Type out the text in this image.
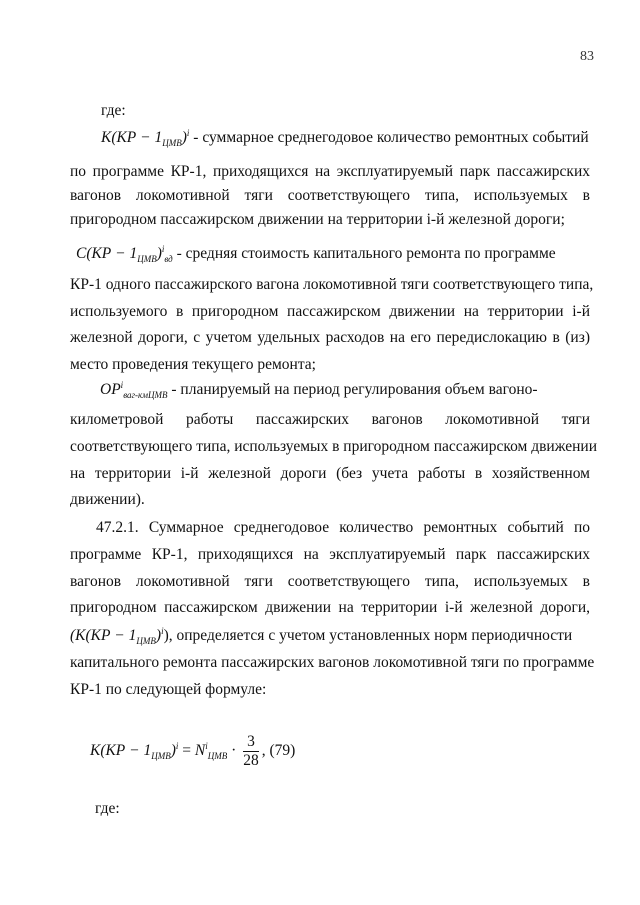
83
где:
$K(КР - 1_{ЦМВ})^i$ - суммарное среднегодовое количество ремонтных событий
по программе КР-1, приходящихся на эксплуатируемый парк пассажирских
вагонов локомотивной тяги соответствующего типа, используемых в
пригородном пассажирском движении на территории i-й железной дороги;
$C(КР - 1_{ЦМВ})^i_{вд}$ - средняя стоимость капитального ремонта по программе
КР-1 одного пассажирского вагона локомотивной тяги соответствующего типа,
используемого в пригородном пассажирском движении на территории i-й
железной дороги, с учетом удельных расходов на его передислокацию в (из)
место проведения текущего ремонта;
$ОР^i_{ваг-кмЦМВ}$ - планируемый на период регулирования объем вагоно-
километровой работы пассажирских вагонов локомотивной тяги
соответствующего типа, используемых в пригородном пассажирском движении
на территории i-й железной дороги (без учета работы в хозяйственном
движении).
47.2.1. Суммарное среднегодовое количество ремонтных событий по
программе КР-1, приходящихся на эксплуатируемый парк пассажирских
вагонов локомотивной тяги соответствующего типа, используемых в
пригородном пассажирском движении на территории i-й железной дороги,
$(K(КР - 1_{ЦМВ})^i)$, определяется с учетом установленных норм периодичности
капитального ремонта пассажирских вагонов локомотивной тяги по программе
КР-1 по следующей формуле:
$K(КР - 1_{ЦМВ})^i = N^i_{ЦМВ} \cdot \frac{3}{28}$ , (79)
где:
